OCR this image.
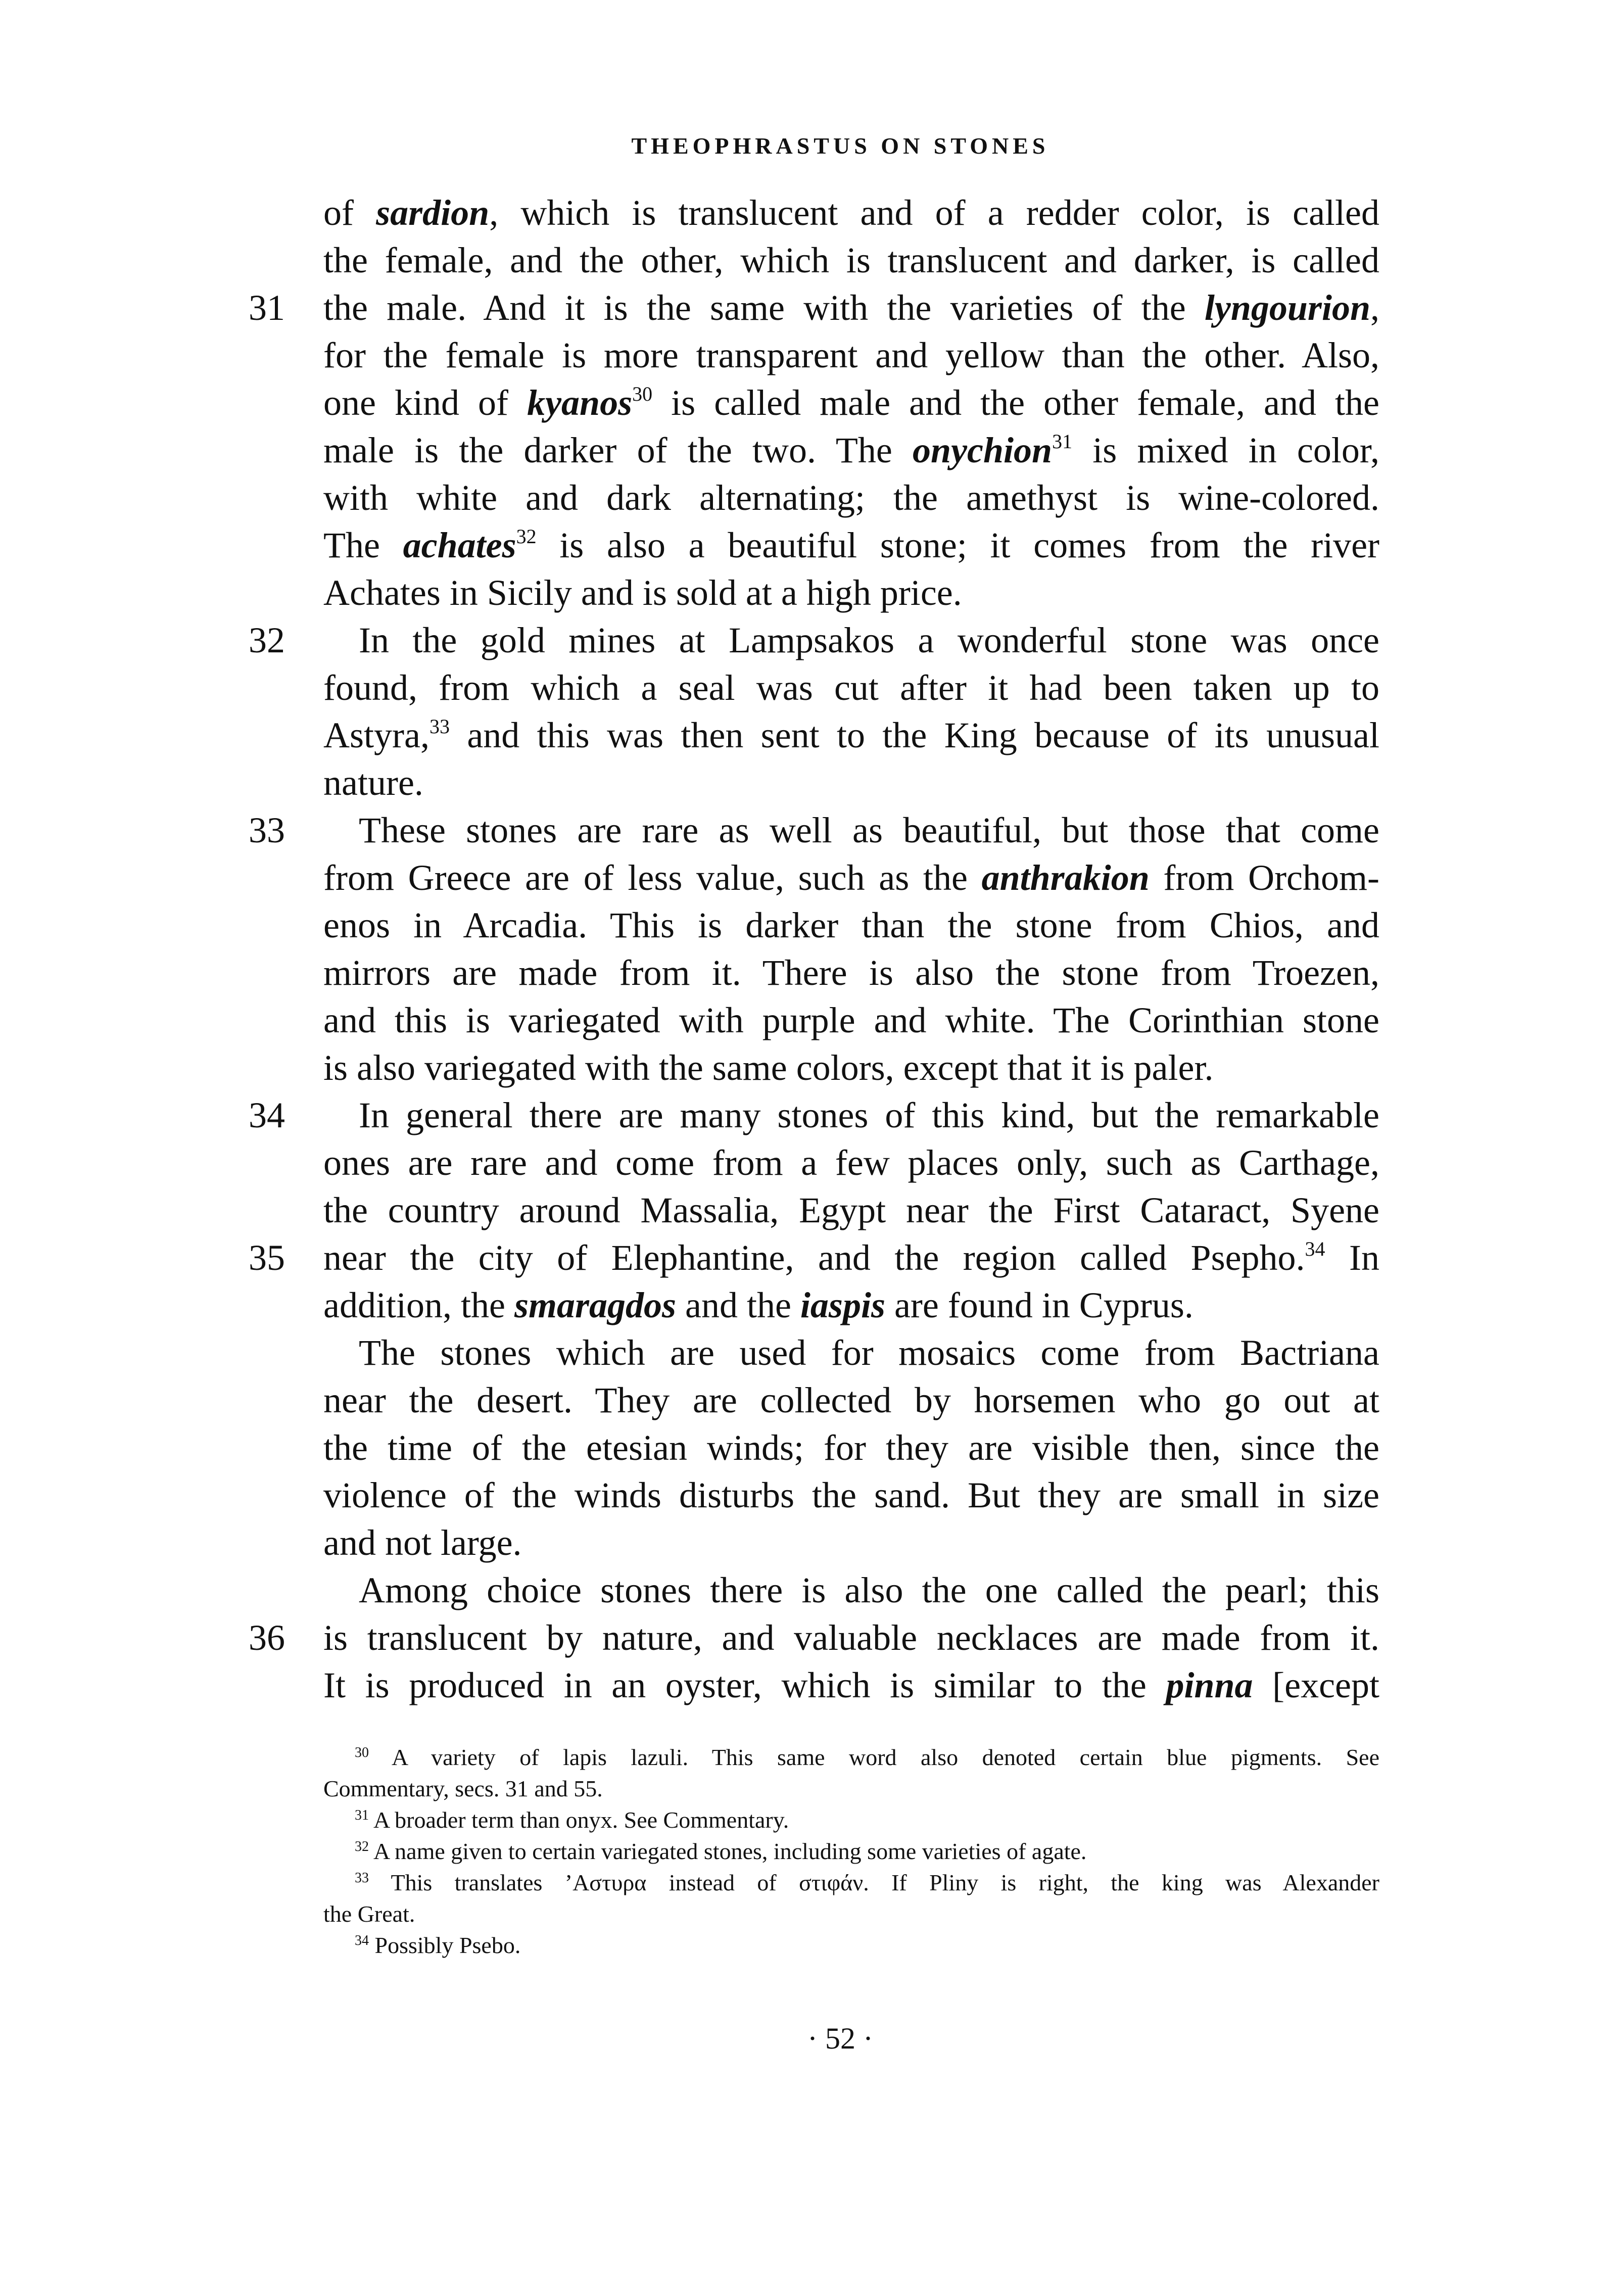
THEOPHRASTUS ON STONES
31
32
33
34
35
36
of sardion, which is translucent and of a redder color, is called
the female, and the other, which is translucent and darker, is called
the male. And it is the same with the varieties of the lyngourion,
for the female is more transparent and yellow than the other. Also,
one kind of kyanos$^{30}$ is called male and the other female, and the
male is the darker of the two. The onychion$^{31}$ is mixed in color,
with white and dark alternating; the amethyst is wine-colored.
The achates$^{32}$ is also a beautiful stone; it comes from the river
Achates in Sicily and is sold at a high price.
In the gold mines at Lampsakos a wonderful stone was once
found, from which a seal was cut after it had been taken up to
Astyra,$^{33}$ and this was then sent to the King because of its unusual
nature.
These stones are rare as well as beautiful, but those that come
from Greece are of less value, such as the anthrakion from Orchom-
enos in Arcadia. This is darker than the stone from Chios, and
mirrors are made from it. There is also the stone from Troezen,
and this is variegated with purple and white. The Corinthian stone
is also variegated with the same colors, except that it is paler.
In general there are many stones of this kind, but the remarkable
ones are rare and come from a few places only, such as Carthage,
the country around Massalia, Egypt near the First Cataract, Syene
near the city of Elephantine, and the region called Psepho.$^{34}$ In
addition, the smaragdos and the iaspis are found in Cyprus.
The stones which are used for mosaics come from Bactriana
near the desert. They are collected by horsemen who go out at
the time of the etesian winds; for they are visible then, since the
violence of the winds disturbs the sand. But they are small in size
and not large.
Among choice stones there is also the one called the pearl; this
is translucent by nature, and valuable necklaces are made from it.
It is produced in an oyster, which is similar to the pinna [except
$^{30}$ A variety of lapis lazuli. This same word also denoted certain blue pigments. See
Commentary, secs. 31 and 55.
$^{31}$ A broader term than onyx. See Commentary.
$^{32}$ A name given to certain variegated stones, including some varieties of agate.
$^{33}$ This translates ’Αστυρα instead of στιφάν. If Pliny is right, the king was Alexander
the Great.
$^{34}$ Possibly Psebo.
· 52 ·
